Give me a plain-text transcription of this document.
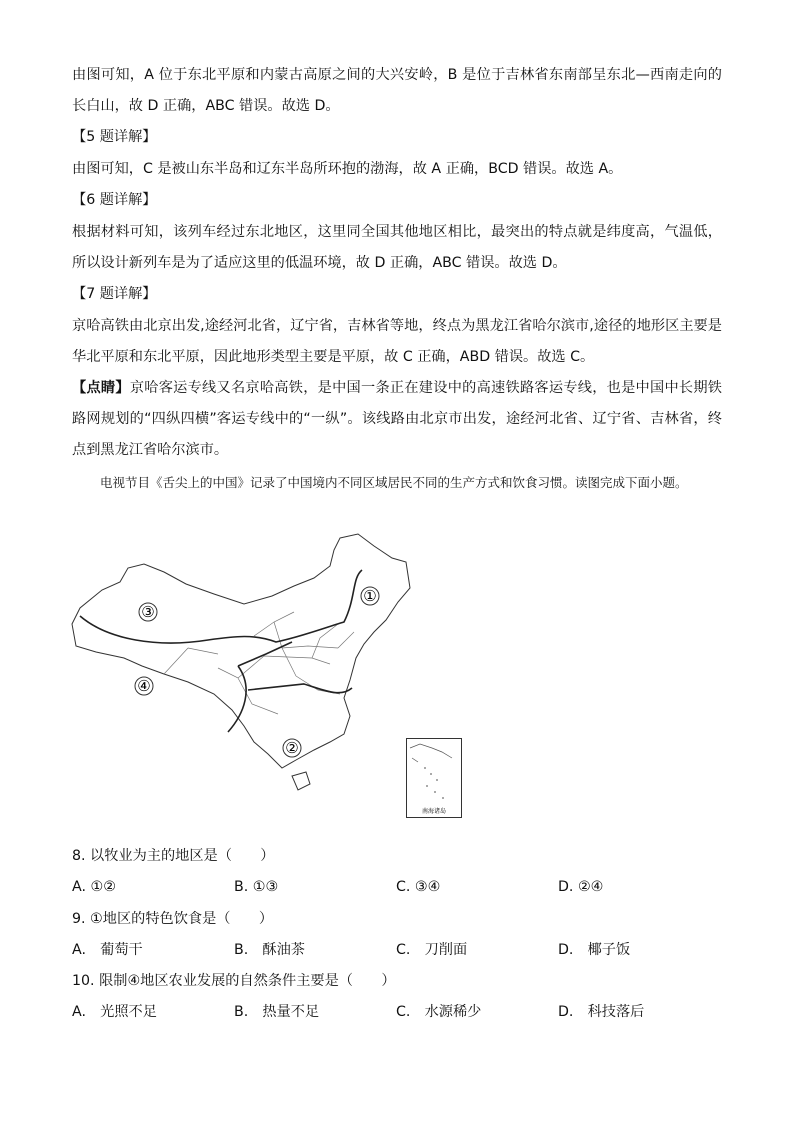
由图可知，A 位于东北平原和内蒙古高原之间的大兴安岭，B 是位于吉林省东南部呈东北—西南走向的长白山，故 D 正确，ABC 错误。故选 D。

【5 题详解】

由图可知，C 是被山东半岛和辽东半岛所环抱的渤海，故 A 正确，BCD 错误。故选 A。

【6 题详解】

根据材料可知，该列车经过东北地区，这里同全国其他地区相比，最突出的特点就是纬度高，气温低，所以设计新列车是为了适应这里的低温环境，故 D 正确，ABC 错误。故选 D。

【7 题详解】

京哈高铁由北京出发,途经河北省，辽宁省，吉林省等地，终点为黑龙江省哈尔滨市,途径的地形区主要是华北平原和东北平原，因此地形类型主要是平原，故 C 正确，ABD 错误。故选 C。

【点睛】京哈客运专线又名京哈高铁，是中国一条正在建设中的高速铁路客运专线，也是中国中长期铁路网规划的“四纵四横”客运专线中的“一纵”。该线路由北京市出发，途经河北省、辽宁省、吉林省，终点到黑龙江省哈尔滨市。

电视节目《舌尖上的中国》记录了中国境内不同区域居民不同的生产方式和饮食习惯。读图完成下面小题。

①
②
③
④
南海诸岛

8. 以牧业为主的地区是（　　）

A. ①②	B. ①③	C. ③④	D. ②④

9. ①地区的特色饮食是（　　）

A.　葡萄干	B.　酥油茶	C.　刀削面	D.　椰子饭

10. 限制④地区农业发展的自然条件主要是（　　）

A.　光照不足	B.　热量不足	C.　水源稀少	D.　科技落后
